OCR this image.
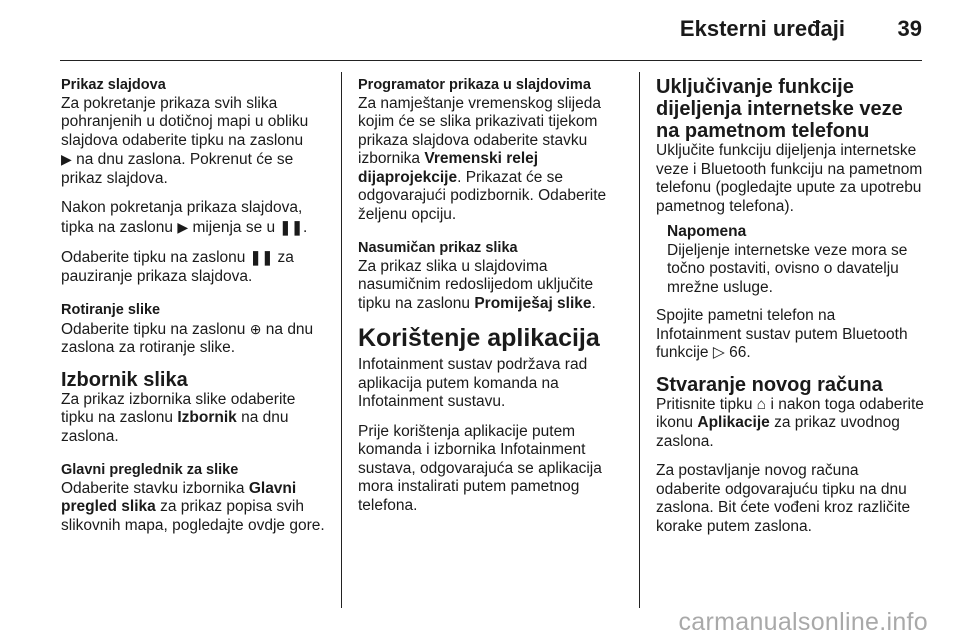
Eksterni uređaji 39
Prikaz slajdova

Za pokretanje prikaza svih slika pohranjenih u dotičnoj mapi u obliku slajdova odaberite tipku na zaslonu
▶ na dnu zaslona. Pokrenut će se prikaz slajdova.

Nakon pokretanja prikaza slajdova, tipka na zaslonu ▶ mijenja se u ❚❚.

Odaberite tipku na zaslonu ❚❚ za pauziranje prikaza slajdova.

Rotiranje slike

Odaberite tipku na zaslonu ⊕ na dnu zaslona za rotiranje slike.

Izbornik slika

Za prikaz izbornika slike odaberite tipku na zaslonu Izbornik na dnu zaslona.

Glavni preglednik za slike

Odaberite stavku izbornika Glavni pregled slika za prikaz popisa svih slikovnih mapa, pogledajte ovdje gore.

Programator prikaza u slajdovima

Za namještanje vremenskog slijeda kojim će se slika prikazivati tijekom prikaza slajdova odaberite stavku izbornika Vremenski relej dijaprojekcije. Prikazat će se odgovarajući podizbornik. Odaberite željenu opciju.

Nasumičan prikaz slika

Za prikaz slika u slajdovima nasumičnim redoslijedom uključite tipku na zaslonu Promiješaj slike.

Korištenje aplikacija

Infotainment sustav podržava rad aplikacija putem komanda na Infotainment sustavu.

Prije korištenja aplikacije putem komanda i izbornika Infotainment sustava, odgovarajuća se aplikacija mora instalirati putem pametnog telefona.

Uključivanje funkcije dijeljenja internetske veze na pametnom telefonu

Uključite funkciju dijeljenja internetske veze i Bluetooth funkciju na pametnom telefonu (pogledajte upute za upotrebu pametnog telefona).

Napomena
Dijeljenje internetske veze mora se točno postaviti, ovisno o davatelju mrežne usluge.

Spojite pametni telefon na Infotainment sustav putem Bluetooth funkcije ▷ 66.

Stvaranje novog računa

Pritisnite tipku ⌂ i nakon toga odaberite ikonu Aplikacije za prikaz uvodnog zaslona.

Za postavljanje novog računa odaberite odgovarajuću tipku na dnu zaslona. Bit ćete vođeni kroz različite korake putem zaslona.

carmanualsonline.info
